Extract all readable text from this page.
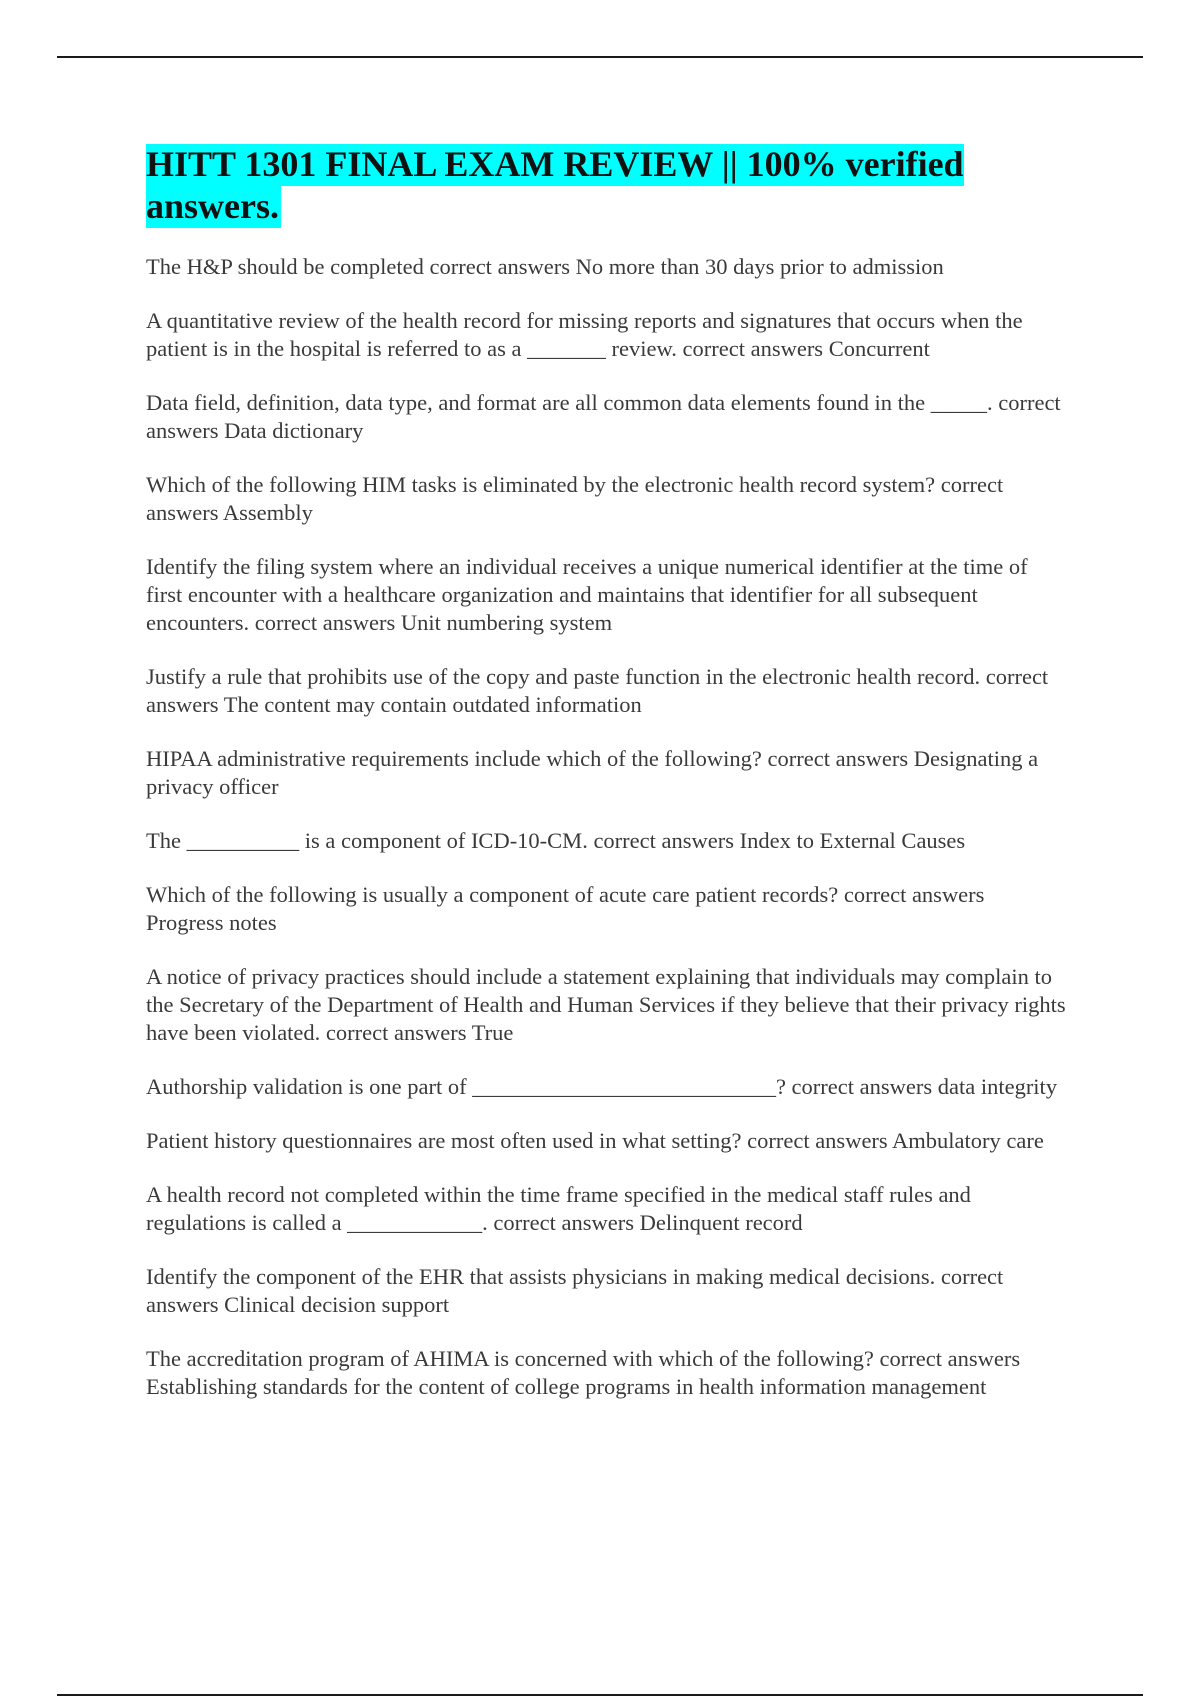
HITT 1301 FINAL EXAM REVIEW || 100% verified answers.

The H&P should be completed correct answers No more than 30 days prior to admission

A quantitative review of the health record for missing reports and signatures that occurs when the patient is in the hospital is referred to as a _______ review. correct answers Concurrent

Data field, definition, data type, and format are all common data elements found in the _____. correct answers Data dictionary

Which of the following HIM tasks is eliminated by the electronic health record system? correct answers Assembly

Identify the filing system where an individual receives a unique numerical identifier at the time of first encounter with a healthcare organization and maintains that identifier for all subsequent encounters. correct answers Unit numbering system

Justify a rule that prohibits use of the copy and paste function in the electronic health record. correct answers The content may contain outdated information

HIPAA administrative requirements include which of the following? correct answers Designating a privacy officer

The __________ is a component of ICD-10-CM. correct answers Index to External Causes

Which of the following is usually a component of acute care patient records? correct answers Progress notes

A notice of privacy practices should include a statement explaining that individuals may complain to the Secretary of the Department of Health and Human Services if they believe that their privacy rights have been violated. correct answers True

Authorship validation is one part of ___________________________? correct answers data integrity

Patient history questionnaires are most often used in what setting? correct answers Ambulatory care

A health record not completed within the time frame specified in the medical staff rules and regulations is called a ____________. correct answers Delinquent record

Identify the component of the EHR that assists physicians in making medical decisions. correct answers Clinical decision support

The accreditation program of AHIMA is concerned with which of the following? correct answers Establishing standards for the content of college programs in health information management
